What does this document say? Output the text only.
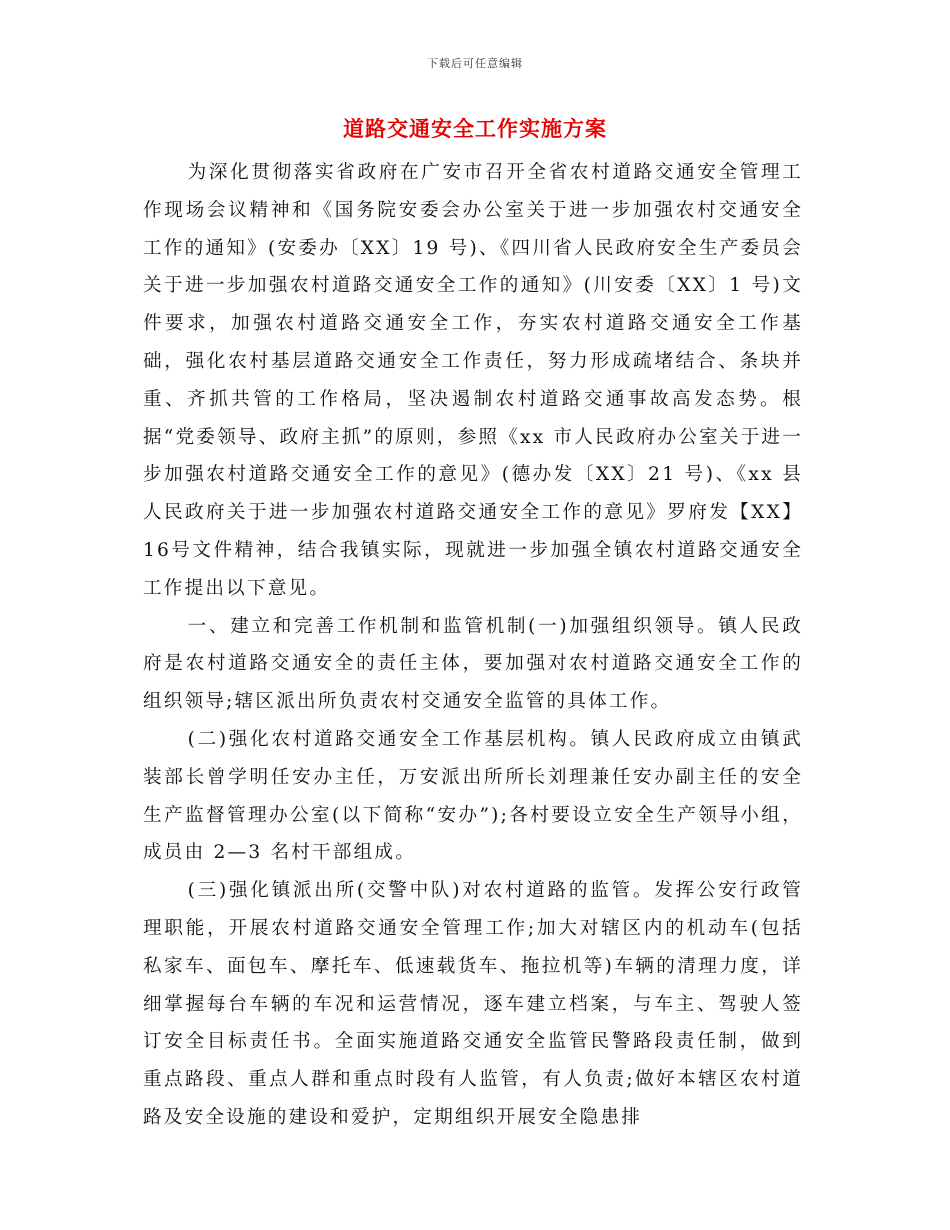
下载后可任意编辑
道路交通安全工作实施方案

为深化贯彻落实省政府在广安市召开全省农村道路交通安全管理工作现场会议精神和《国务院安委会办公室关于进一步加强农村交通安全工作的通知》(安委办〔XX〕19 号)、《四川省人民政府安全生产委员会关于进一步加强农村道路交通安全工作的通知》(川安委〔XX〕1 号)文件要求，加强农村道路交通安全工作，夯实农村道路交通安全工作基础，强化农村基层道路交通安全工作责任，努力形成疏堵结合、条块并重、齐抓共管的工作格局，坚决遏制农村道路交通事故高发态势。根据“党委领导、政府主抓”的原则，参照《xx 市人民政府办公室关于进一步加强农村道路交通安全工作的意见》(德办发〔XX〕21 号)、《xx 县人民政府关于进一步加强农村道路交通安全工作的意见》罗府发【XX】16号文件精神，结合我镇实际，现就进一步加强全镇农村道路交通安全工作提出以下意见。

一、建立和完善工作机制和监管机制(一)加强组织领导。镇人民政府是农村道路交通安全的责任主体，要加强对农村道路交通安全工作的组织领导;辖区派出所负责农村交通安全监管的具体工作。

(二)强化农村道路交通安全工作基层机构。镇人民政府成立由镇武装部长曾学明任安办主任，万安派出所所长刘理兼任安办副主任的安全生产监督管理办公室(以下简称“安办”);各村要设立安全生产领导小组，成员由 2—3 名村干部组成。

(三)强化镇派出所(交警中队)对农村道路的监管。发挥公安行政管理职能，开展农村道路交通安全管理工作;加大对辖区内的机动车(包括私家车、面包车、摩托车、低速载货车、拖拉机等)车辆的清理力度，详细掌握每台车辆的车况和运营情况，逐车建立档案，与车主、驾驶人签订安全目标责任书。全面实施道路交通安全监管民警路段责任制，做到重点路段、重点人群和重点时段有人监管，有人负责;做好本辖区农村道路及安全设施的建设和爱护，定期组织开展安全隐患排
